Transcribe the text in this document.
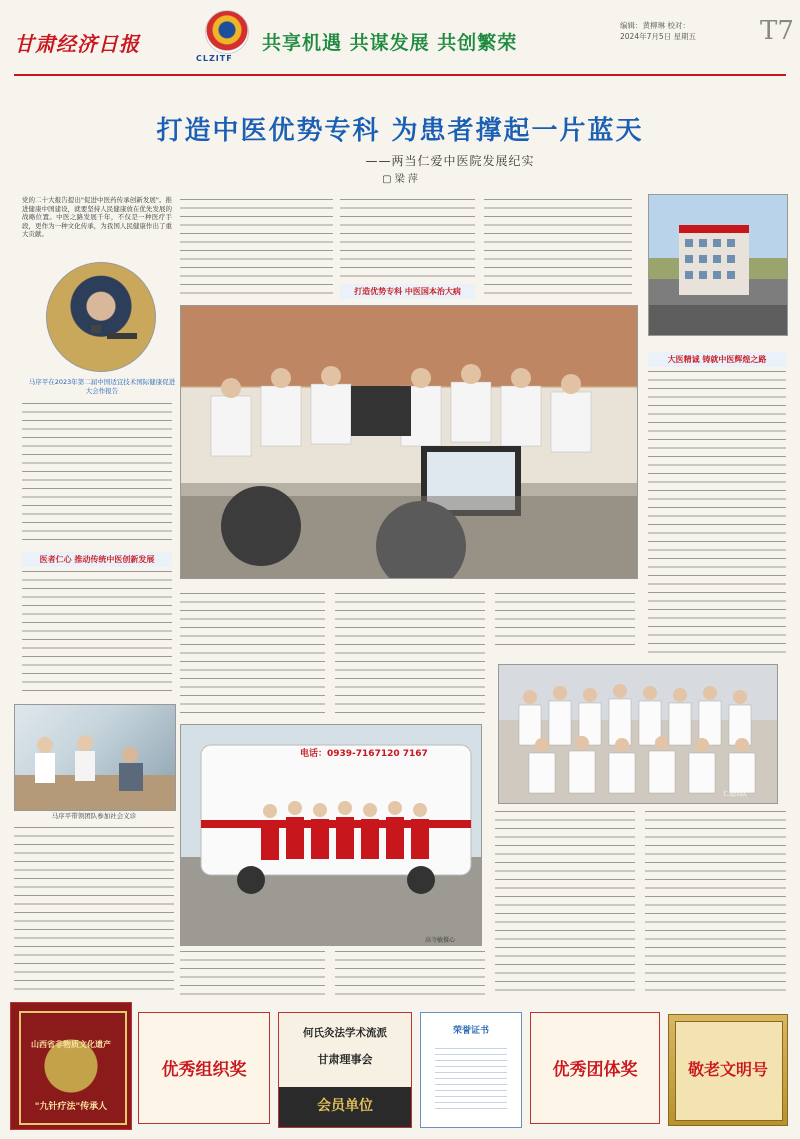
甘肃经济日报
CLZITF
共享机遇 共谋发展 共创繁荣
编辑：黄柳琳 校对：
2024年7月5日 星期五 T7
打造中医优势专科 为患者撑起一片蓝天
——两当仁爱中医院发展纪实
▢ 梁 萍
党的二十大报告提出"促进中医药传承创新发展"。推进健康中国建设，就要坚持人民健康放在优先发展的战略位置。中医之路发展千年，不仅是一种医疗手段，更作为一种文化传承，为我国人民健康作出了重大贡献。
马序平在2023年第二届中国适宜技术国际健康促进大会作报告
医者仁心 推动传统中医创新发展
马序平带领团队参加社会义诊
打造优势专科 中医国本治大病
大医精诚 铸就中医辉煌之路
仁爱团队
电话：0939-7167120 7167
高寺敏摄心
山西省非物质文化遗产
"九针疗法"传承人
优秀组织奖
何氏灸法学术流派
甘肃理事会
会员单位
荣誉证书
优秀团体奖	敬老文明号
